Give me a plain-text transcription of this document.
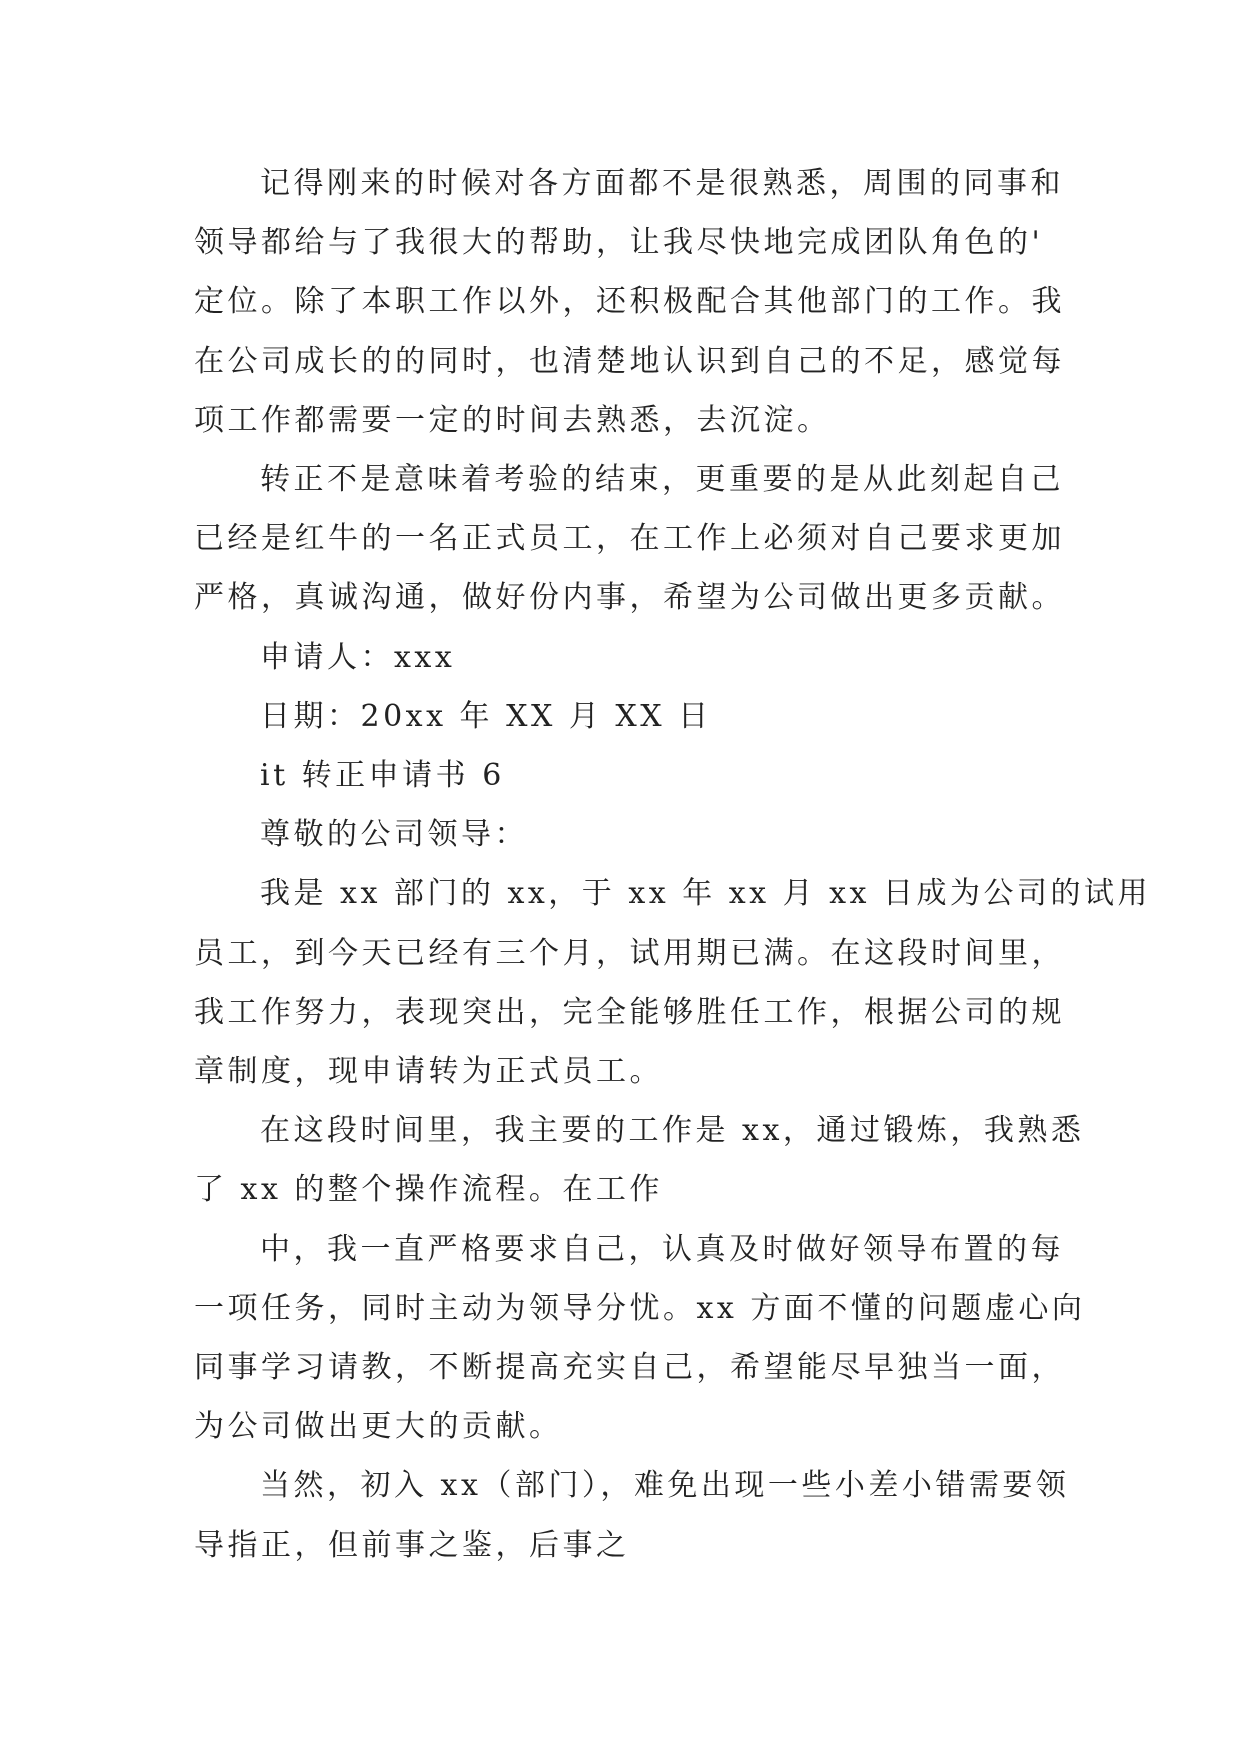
记得刚来的时候对各方面都不是很熟悉，周围的同事和
领导都给与了我很大的帮助，让我尽快地完成团队角色的'
定位。除了本职工作以外，还积极配合其他部门的工作。我
在公司成长的的同时，也清楚地认识到自己的不足，感觉每
项工作都需要一定的时间去熟悉，去沉淀。

转正不是意味着考验的结束，更重要的是从此刻起自己
已经是红牛的一名正式员工，在工作上必须对自己要求更加
严格，真诚沟通，做好份内事，希望为公司做出更多贡献。

申请人：xxx

日期：20xx 年 XX 月 XX 日

it 转正申请书 6

尊敬的公司领导：

我是 xx 部门的 xx，于 xx 年 xx 月 xx 日成为公司的试用
员工，到今天已经有三个月，试用期已满。在这段时间里，
我工作努力，表现突出，完全能够胜任工作，根据公司的规
章制度，现申请转为正式员工。

在这段时间里，我主要的工作是 xx，通过锻炼，我熟悉
了 xx 的整个操作流程。在工作

中，我一直严格要求自己，认真及时做好领导布置的每
一项任务，同时主动为领导分忧。xx 方面不懂的问题虚心向
同事学习请教，不断提高充实自己，希望能尽早独当一面，
为公司做出更大的贡献。

当然，初入 xx（部门），难免出现一些小差小错需要领
导指正，但前事之鉴，后事之
